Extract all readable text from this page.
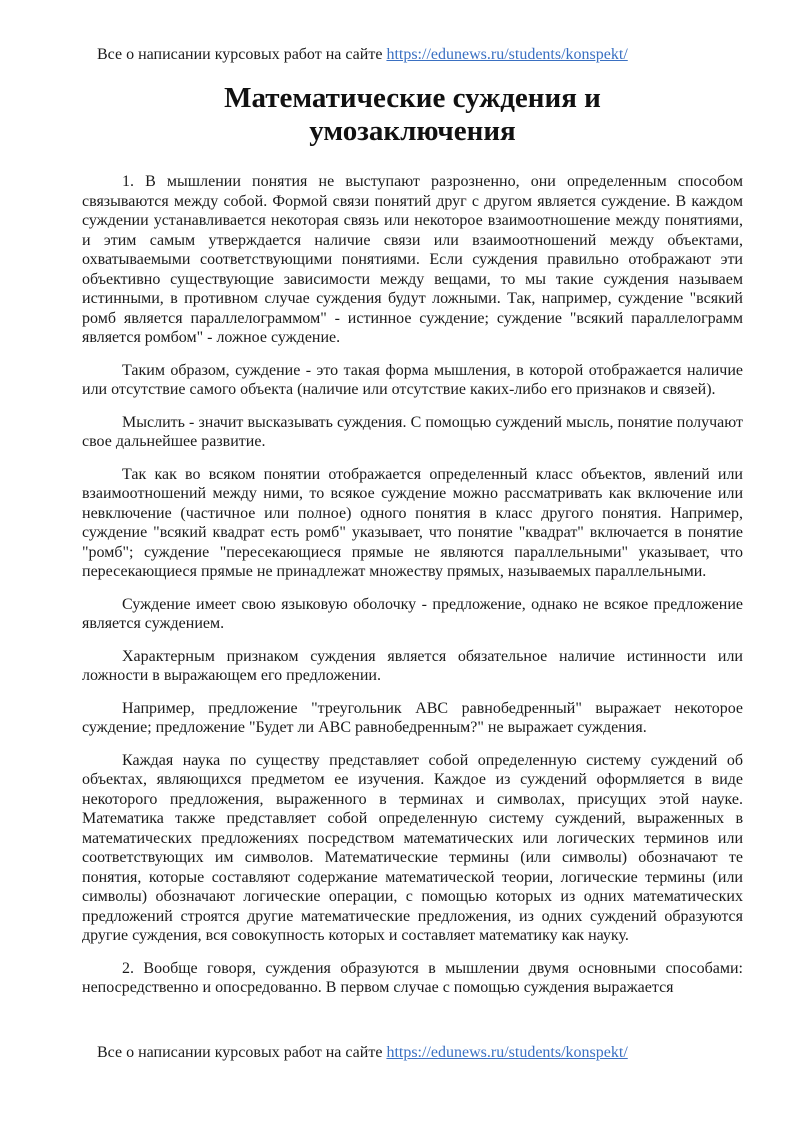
Все о написании курсовых работ на сайте https://edunews.ru/students/konspekt/
Математические суждения и умозаключения

1. В мышлении понятия не выступают разрозненно, они определенным способом связываются между собой. Формой связи понятий друг с другом является суждение. В каждом суждении устанавливается некоторая связь или некоторое взаимоотношение между понятиями, и этим самым утверждается наличие связи или взаимоотношений между объектами, охватываемыми соответствующими понятиями. Если суждения правильно отображают эти объективно существующие зависимости между вещами, то мы такие суждения называем истинными, в противном случае суждения будут ложными. Так, например, суждение "всякий ромб является параллелограммом" - истинное суждение; суждение "всякий параллелограмм является ромбом" - ложное суждение.

Таким образом, суждение - это такая форма мышления, в которой отображается наличие или отсутствие самого объекта (наличие или отсутствие каких-либо его признаков и связей).

Мыслить - значит высказывать суждения. С помощью суждений мысль, понятие получают свое дальнейшее развитие.

Так как во всяком понятии отображается определенный класс объектов, явлений или взаимоотношений между ними, то всякое суждение можно рассматривать как включение или невключение (частичное или полное) одного понятия в класс другого понятия. Например, суждение "всякий квадрат есть ромб" указывает, что понятие "квадрат" включается в понятие "ромб"; суждение "пересекающиеся прямые не являются параллельными" указывает, что пересекающиеся прямые не принадлежат множеству прямых, называемых параллельными.

Суждение имеет свою языковую оболочку - предложение, однако не всякое предложение является суждением.

Характерным признаком суждения является обязательное наличие истинности или ложности в выражающем его предложении.

Например, предложение "треугольник АВС равнобедренный" выражает некоторое суждение; предложение "Будет ли АВС равнобедренным?" не выражает суждения.

Каждая наука по существу представляет собой определенную систему суждений об объектах, являющихся предметом ее изучения. Каждое из суждений оформляется в виде некоторого предложения, выраженного в терминах и символах, присущих этой науке. Математика также представляет собой определенную систему суждений, выраженных в математических предложениях посредством математических или логических терминов или соответствующих им символов. Математические термины (или символы) обозначают те понятия, которые составляют содержание математической теории, логические термины (или символы) обозначают логические операции, с помощью которых из одних математических предложений строятся другие математические предложения, из одних суждений образуются другие суждения, вся совокупность которых и составляет математику как науку.

2. Вообще говоря, суждения образуются в мышлении двумя основными способами: непосредственно и опосредованно. В первом случае с помощью суждения выражается

Все о написании курсовых работ на сайте https://edunews.ru/students/konspekt/
